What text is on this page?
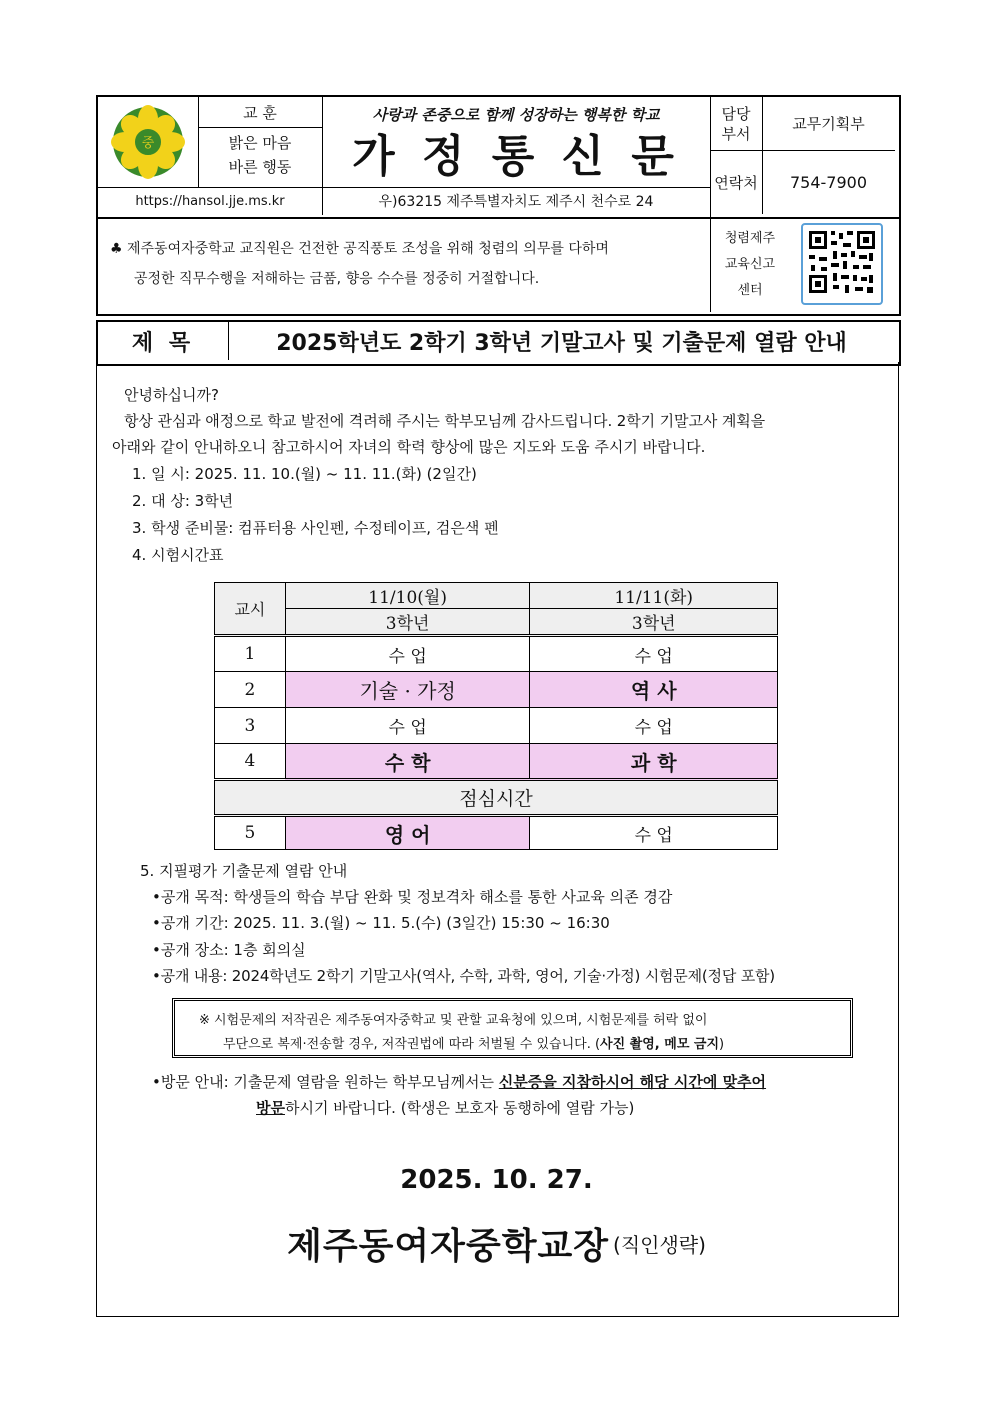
중
교 훈
밝은 마음
바른 행동
https://hansol.jje.ms.kr
사랑과 존중으로 함께 성장하는 행복한 학교
가 정 통 신 문
우)63215 제주특별자치도 제주시 천수로 24
담당
부서
교무기획부
연락처	754-7900
♣ 제주동여자중학교 교직원은 건전한 공직풍토 조성을 위해 청렴의 의무를 다하며
공정한 직무수행을 저해하는 금품, 향응 수수를 정중히 거절합니다.
청렴제주
교육신고
센터
제 목	2025학년도 2학기 3학년 기말고사 및 기출문제 열람 안내
안녕하십니까?
항상 관심과 애정으로 학교 발전에 격려해 주시는 학부모님께 감사드립니다. 2학기 기말고사 계획을
아래와 같이 안내하오니 참고하시어 자녀의 학력 향상에 많은 지도와 도움 주시기 바랍니다.
1. 일 시: 2025. 11. 10.(월) ~ 11. 11.(화) (2일간)
2. 대 상: 3학년
3. 학생 준비물: 컴퓨터용 사인펜, 수정테이프, 검은색 펜
4. 시험시간표
교시	11/10(월)	11/11(화)
	3학년	3학년
1	수 업	수 업
2	기술 · 가정	역 사
3	수 업	수 업
4	수 학	과 학
점심시간		
5	영 어	수 업
5. 지필평가 기출문제 열람 안내
•공개 목적: 학생들의 학습 부담 완화 및 정보격차 해소를 통한 사교육 의존 경감
•공개 기간: 2025. 11. 3.(월) ~ 11. 5.(수) (3일간) 15:30 ~ 16:30
•공개 장소: 1층 회의실
•공개 내용: 2024학년도 2학기 기말고사(역사, 수학, 과학, 영어, 기술·가정) 시험문제(정답 포함)
※ 시험문제의 저작권은 제주동여자중학교 및 관할 교육청에 있으며, 시험문제를 허락 없이
무단으로 복제·전송할 경우, 저작권법에 따라 처벌될 수 있습니다. (사진 촬영, 메모 금지)
•방문 안내: 기출문제 열람을 원하는 학부모님께서는 신분증을 지참하시어 해당 시간에 맞추어
방문하시기 바랍니다. (학생은 보호자 동행하에 열람 가능)
2025. 10. 27.
제주동여자중학교장 (직인생략)
